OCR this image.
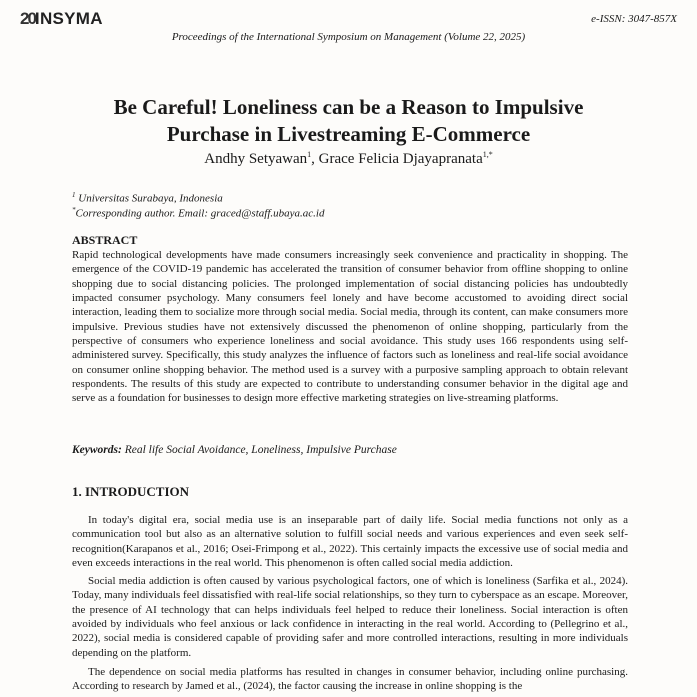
20INSYMA	e-ISSN: 3047-857X
Proceedings of the International Symposium on Management (Volume 22, 2025)
Be Careful! Loneliness can be a Reason to Impulsive
Purchase in Livestreaming E-Commerce
Andhy Setyawan$^1$, Grace Felicia Djayapranata$^{1,*}$
$^1$ Universitas Surabaya, Indonesia
*Corresponding author. Email: graced@staff.ubaya.ac.id
ABSTRACT

Rapid technological developments have made consumers increasingly seek convenience and practicality in shopping. The emergence of the COVID-19 pandemic has accelerated the transition of consumer behavior from offline shopping to online shopping due to social distancing policies. The prolonged implementation of social distancing policies has undoubtedly impacted consumer psychology. Many consumers feel lonely and have become accustomed to avoiding direct social interaction, leading them to socialize more through social media. Social media, through its content, can make consumers more impulsive. Previous studies have not extensively discussed the phenomenon of online shopping, particularly from the perspective of consumers who experience loneliness and social avoidance. This study uses 166 respondents using self-administered survey. Specifically, this study analyzes the influence of factors such as loneliness and real-life social avoidance on consumer online shopping behavior. The method used is a survey with a purposive sampling approach to obtain relevant respondents. The results of this study are expected to contribute to understanding consumer behavior in the digital age and serve as a foundation for businesses to design more effective marketing strategies on live-streaming platforms.

Keywords: Real life Social Avoidance, Loneliness, Impulsive Purchase
1. INTRODUCTION

In today's digital era, social media use is an inseparable part of daily life. Social media functions not only as a communication tool but also as an alternative solution to fulfill social needs and various experiences and even seek self-recognition(Karapanos et al., 2016; Osei-Frimpong et al., 2022). This certainly impacts the excessive use of social media and even exceeds interactions in the real world. This phenomenon is often called social media addiction.

Social media addiction is often caused by various psychological factors, one of which is loneliness (Sarfika et al., 2024). Today, many individuals feel dissatisfied with real-life social relationships, so they turn to cyberspace as an escape. Moreover, the presence of AI technology that can helps individuals feel helped to reduce their loneliness. Social interaction is often avoided by individuals who feel anxious or lack confidence in interacting in the real world. According to (Pellegrino et al., 2022), social media is considered capable of providing safer and more controlled interactions, resulting in more individuals depending on the platform.

The dependence on social media platforms has resulted in changes in consumer behavior, including online purchasing. According to research by Jamed et al., (2024), the factor causing the increase in online shopping is the
